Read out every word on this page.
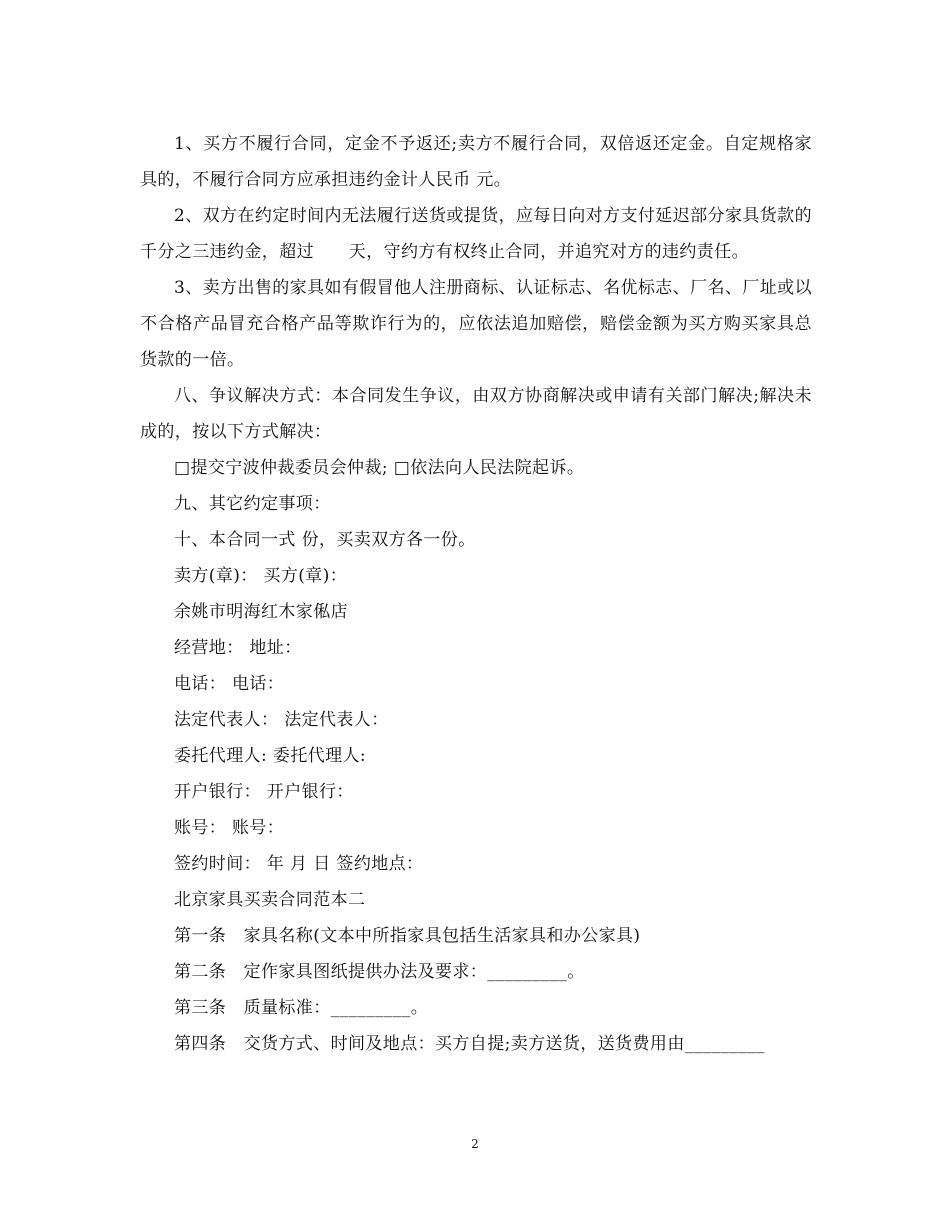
1、买方不履行合同，定金不予返还;卖方不履行合同，双倍返还定金。自定规格家具的，不履行合同方应承担违约金计人民币 元。

2、双方在约定时间内无法履行送货或提货，应每日向对方支付延迟部分家具货款的千分之三违约金，超过　　天，守约方有权终止合同，并追究对方的违约责任。

3、卖方出售的家具如有假冒他人注册商标、认证标志、名优标志、厂名、厂址或以不合格产品冒充合格产品等欺诈行为的，应依法追加赔偿，赔偿金额为买方购买家具总货款的一倍。

八、争议解决方式：本合同发生争议，由双方协商解决或申请有关部门解决;解决未成的，按以下方式解决：

□提交宁波仲裁委员会仲裁; □依法向人民法院起诉。

九、其它约定事项：

十、本合同一式 份，买卖双方各一份。

卖方(章)： 买方(章)：

余姚市明海红木家俬店

经营地： 地址：

电话： 电话：

法定代表人： 法定代表人：

委托代理人: 委托代理人:

开户银行： 开户银行：

账号： 账号：

签约时间： 年 月 日 签约地点：

北京家具买卖合同范本二

第一条　家具名称(文本中所指家具包括生活家具和办公家具)

第二条　定作家具图纸提供办法及要求：_________。

第三条　质量标准：_________。

第四条　交货方式、时间及地点：买方自提;卖方送货，送货费用由_________

2
